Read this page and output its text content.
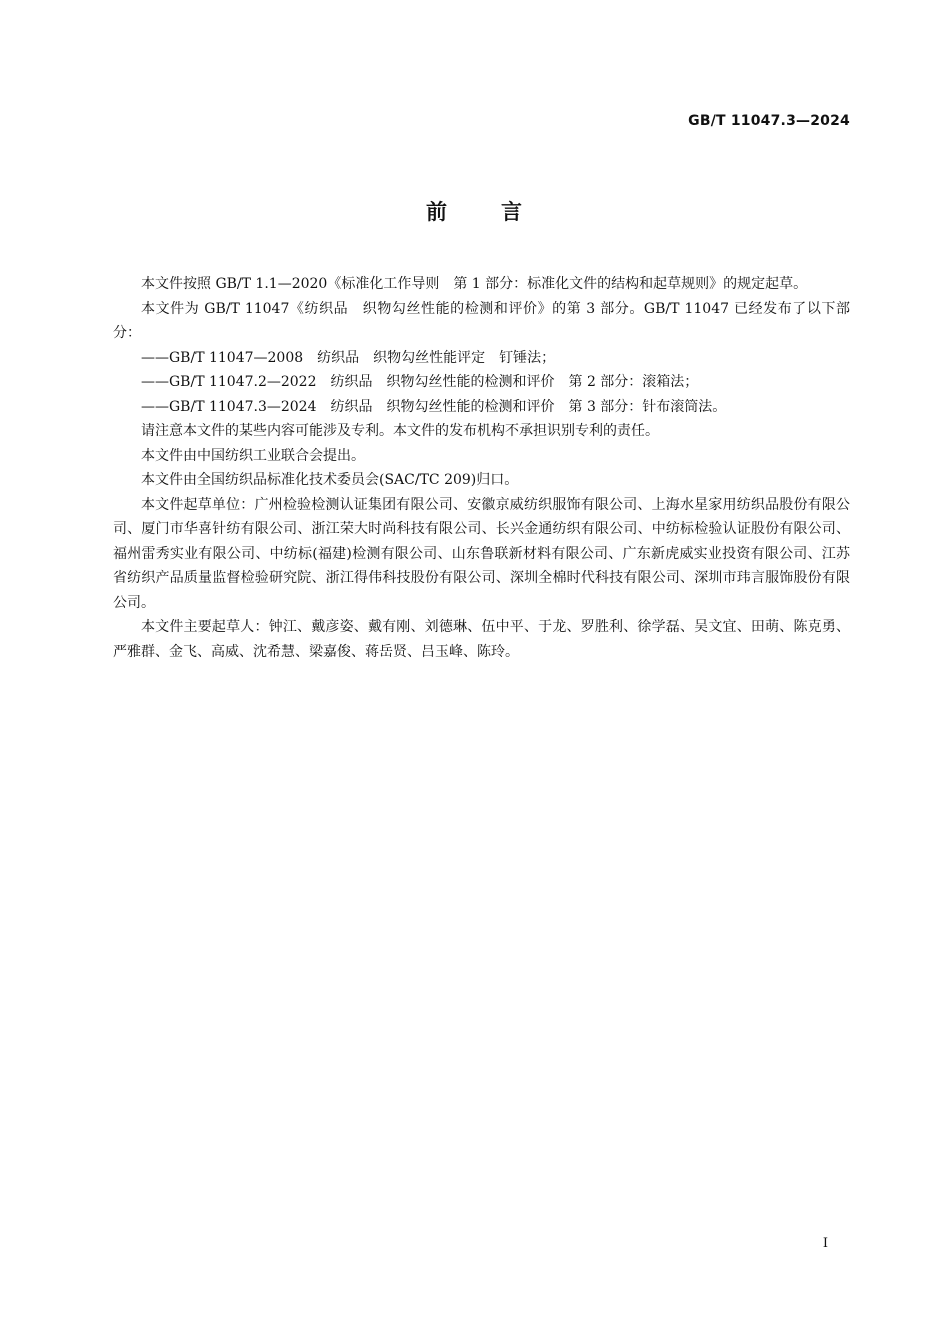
GB/T 11047.3—2024
前 言

本文件按照 GB/T 1.1—2020《标准化工作导则　第 1 部分：标准化文件的结构和起草规则》的规定起草。

本文件为 GB/T 11047《纺织品　织物勾丝性能的检测和评价》的第 3 部分。GB/T 11047 已经发布了以下部分：

——GB/T 11047—2008　纺织品　织物勾丝性能评定　钉锤法；

——GB/T 11047.2—2022　纺织品　织物勾丝性能的检测和评价　第 2 部分：滚箱法；

——GB/T 11047.3—2024　纺织品　织物勾丝性能的检测和评价　第 3 部分：针布滚筒法。

请注意本文件的某些内容可能涉及专利。本文件的发布机构不承担识别专利的责任。

本文件由中国纺织工业联合会提出。

本文件由全国纺织品标准化技术委员会(SAC/TC 209)归口。

本文件起草单位：广州检验检测认证集团有限公司、安徽京威纺织服饰有限公司、上海水星家用纺织品股份有限公司、厦门市华喜针纺有限公司、浙江荣大时尚科技有限公司、长兴金通纺织有限公司、中纺标检验认证股份有限公司、福州雷秀实业有限公司、中纺标(福建)检测有限公司、山东鲁联新材料有限公司、广东新虎威实业投资有限公司、江苏省纺织产品质量监督检验研究院、浙江得伟科技股份有限公司、深圳全棉时代科技有限公司、深圳市玮言服饰股份有限公司。

本文件主要起草人：钟江、戴彦姿、戴有刚、刘德琳、伍中平、于龙、罗胜利、徐学磊、吴文宜、田萌、陈克勇、严雅群、金飞、高威、沈希慧、梁嘉俊、蒋岳贤、吕玉峰、陈玲。

I
